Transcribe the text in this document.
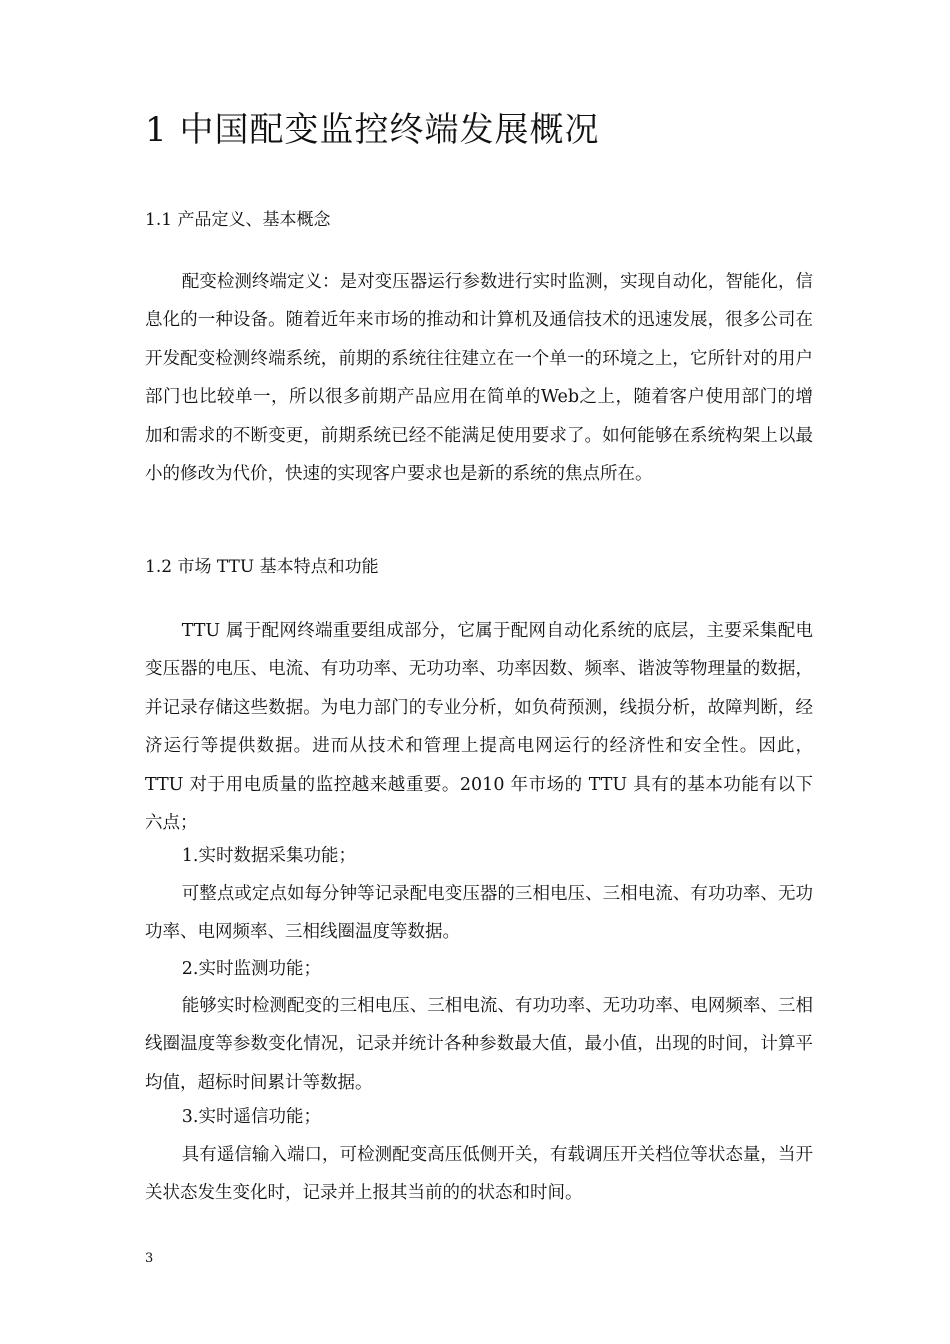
1 中国配变监控终端发展概况
1.1 产品定义、基本概念

配变检测终端定义：是对变压器运行参数进行实时监测，实现自动化，智能化，信息化的一种设备。随着近年来市场的推动和计算机及通信技术的迅速发展，很多公司在开发配变检测终端系统，前期的系统往往建立在一个单一的环境之上，它所针对的用户部门也比较单一，所以很多前期产品应用在简单的Web之上，随着客户使用部门的增加和需求的不断变更，前期系统已经不能满足使用要求了。如何能够在系统构架上以最小的修改为代价，快速的实现客户要求也是新的系统的焦点所在。

1.2 市场 TTU 基本特点和功能

TTU 属于配网终端重要组成部分，它属于配网自动化系统的底层，主要采集配电变压器的电压、电流、有功功率、无功功率、功率因数、频率、谐波等物理量的数据，并记录存储这些数据。为电力部门的专业分析，如负荷预测，线损分析，故障判断，经济运行等提供数据。进而从技术和管理上提高电网运行的经济性和安全性。因此，TTU 对于用电质量的监控越来越重要。2010 年市场的 TTU 具有的基本功能有以下六点；

1.实时数据采集功能；

可整点或定点如每分钟等记录配电变压器的三相电压、三相电流、有功功率、无功功率、电网频率、三相线圈温度等数据。

2.实时监测功能；

能够实时检测配变的三相电压、三相电流、有功功率、无功功率、电网频率、三相线圈温度等参数变化情况，记录并统计各种参数最大值，最小值，出现的时间，计算平均值，超标时间累计等数据。

3.实时遥信功能；

具有遥信输入端口，可检测配变高压低侧开关，有载调压开关档位等状态量，当开关状态发生变化时，记录并上报其当前的的状态和时间。

3
